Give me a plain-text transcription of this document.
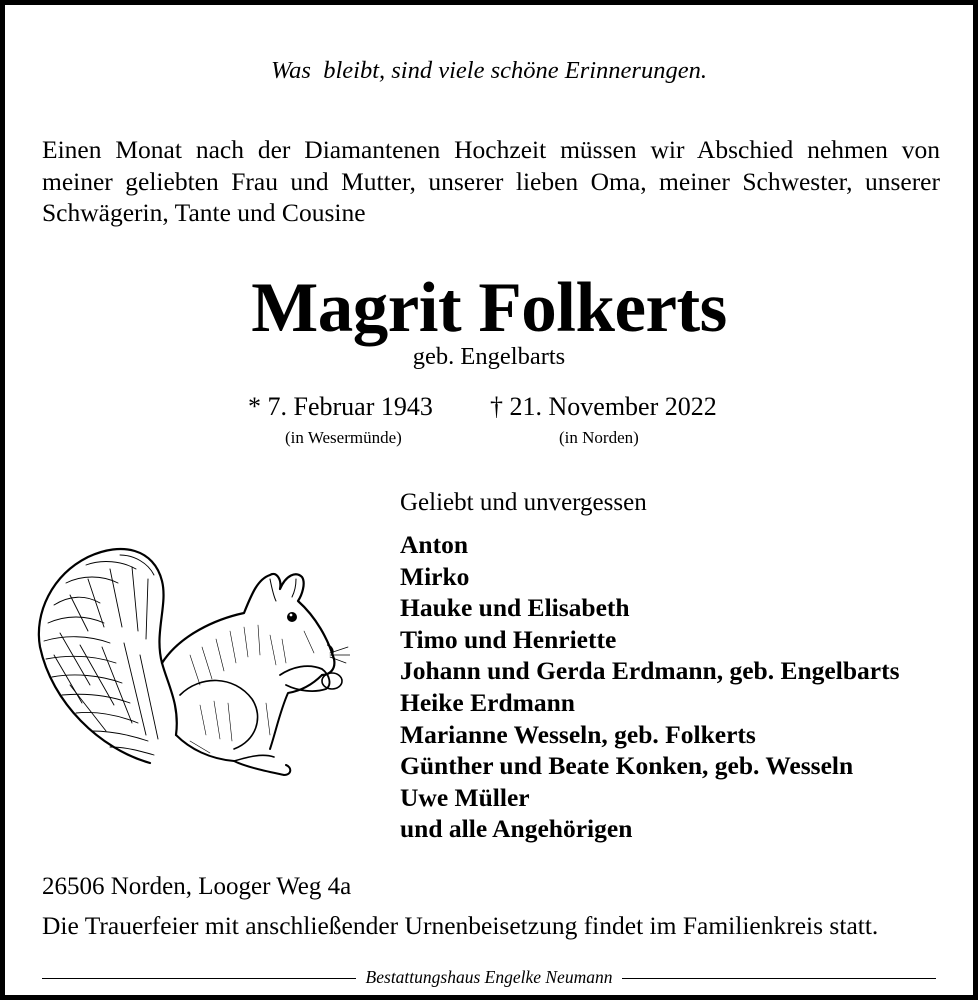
Was  bleibt, sind viele schöne Erinnerungen.

Einen Monat nach der Diamantenen Hochzeit müssen wir Abschied nehmen von meiner geliebten Frau und Mutter, unserer lieben Oma, meiner Schwester, unserer Schwägerin, Tante und Cousine

Magrit Folkerts
geb. Engelbarts
* 7. Februar 1943 † 21. November 2022
(in Wesermünde)	(in Norden)
Geliebt und unvergessen
Anton
Mirko
Hauke und Elisabeth
Timo und Henriette
Johann und Gerda Erdmann, geb. Engelbarts
Heike Erdmann
Marianne Wesseln, geb. Folkerts
Günther und Beate Konken, geb. Wesseln
Uwe Müller
und alle Angehörigen
26506 Norden, Looger Weg 4a
Die Trauerfeier mit anschließender Urnenbeisetzung findet im Familienkreis statt.
Bestattungshaus Engelke Neumann
